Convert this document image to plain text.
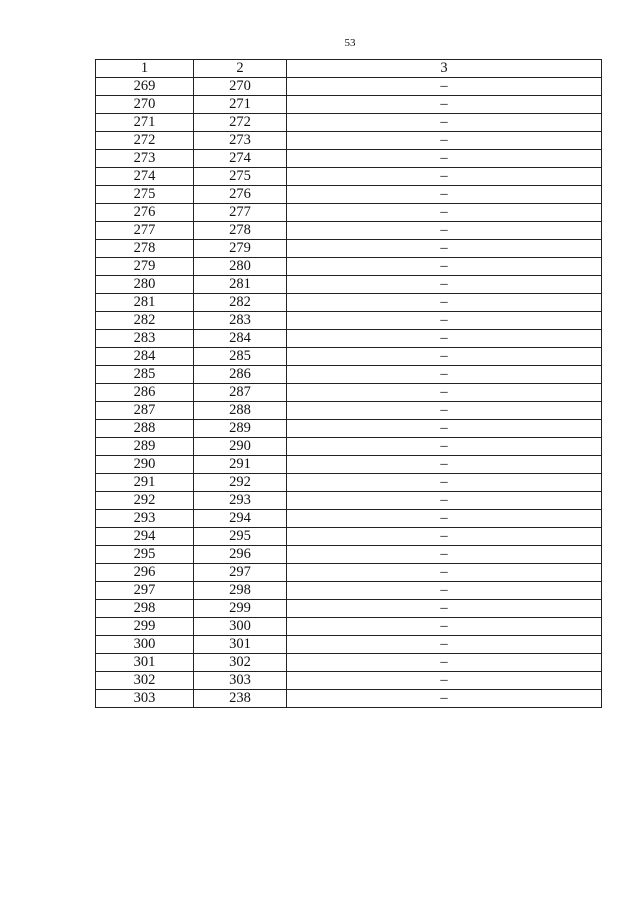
53
1	2	3
269	270	–
270	271	–
271	272	–
272	273	–
273	274	–
274	275	–
275	276	–
276	277	–
277	278	–
278	279	–
279	280	–
280	281	–
281	282	–
282	283	–
283	284	–
284	285	–
285	286	–
286	287	–
287	288	–
288	289	–
289	290	–
290	291	–
291	292	–
292	293	–
293	294	–
294	295	–
295	296	–
296	297	–
297	298	–
298	299	–
299	300	–
300	301	–
301	302	–
302	303	–
303	238	–
